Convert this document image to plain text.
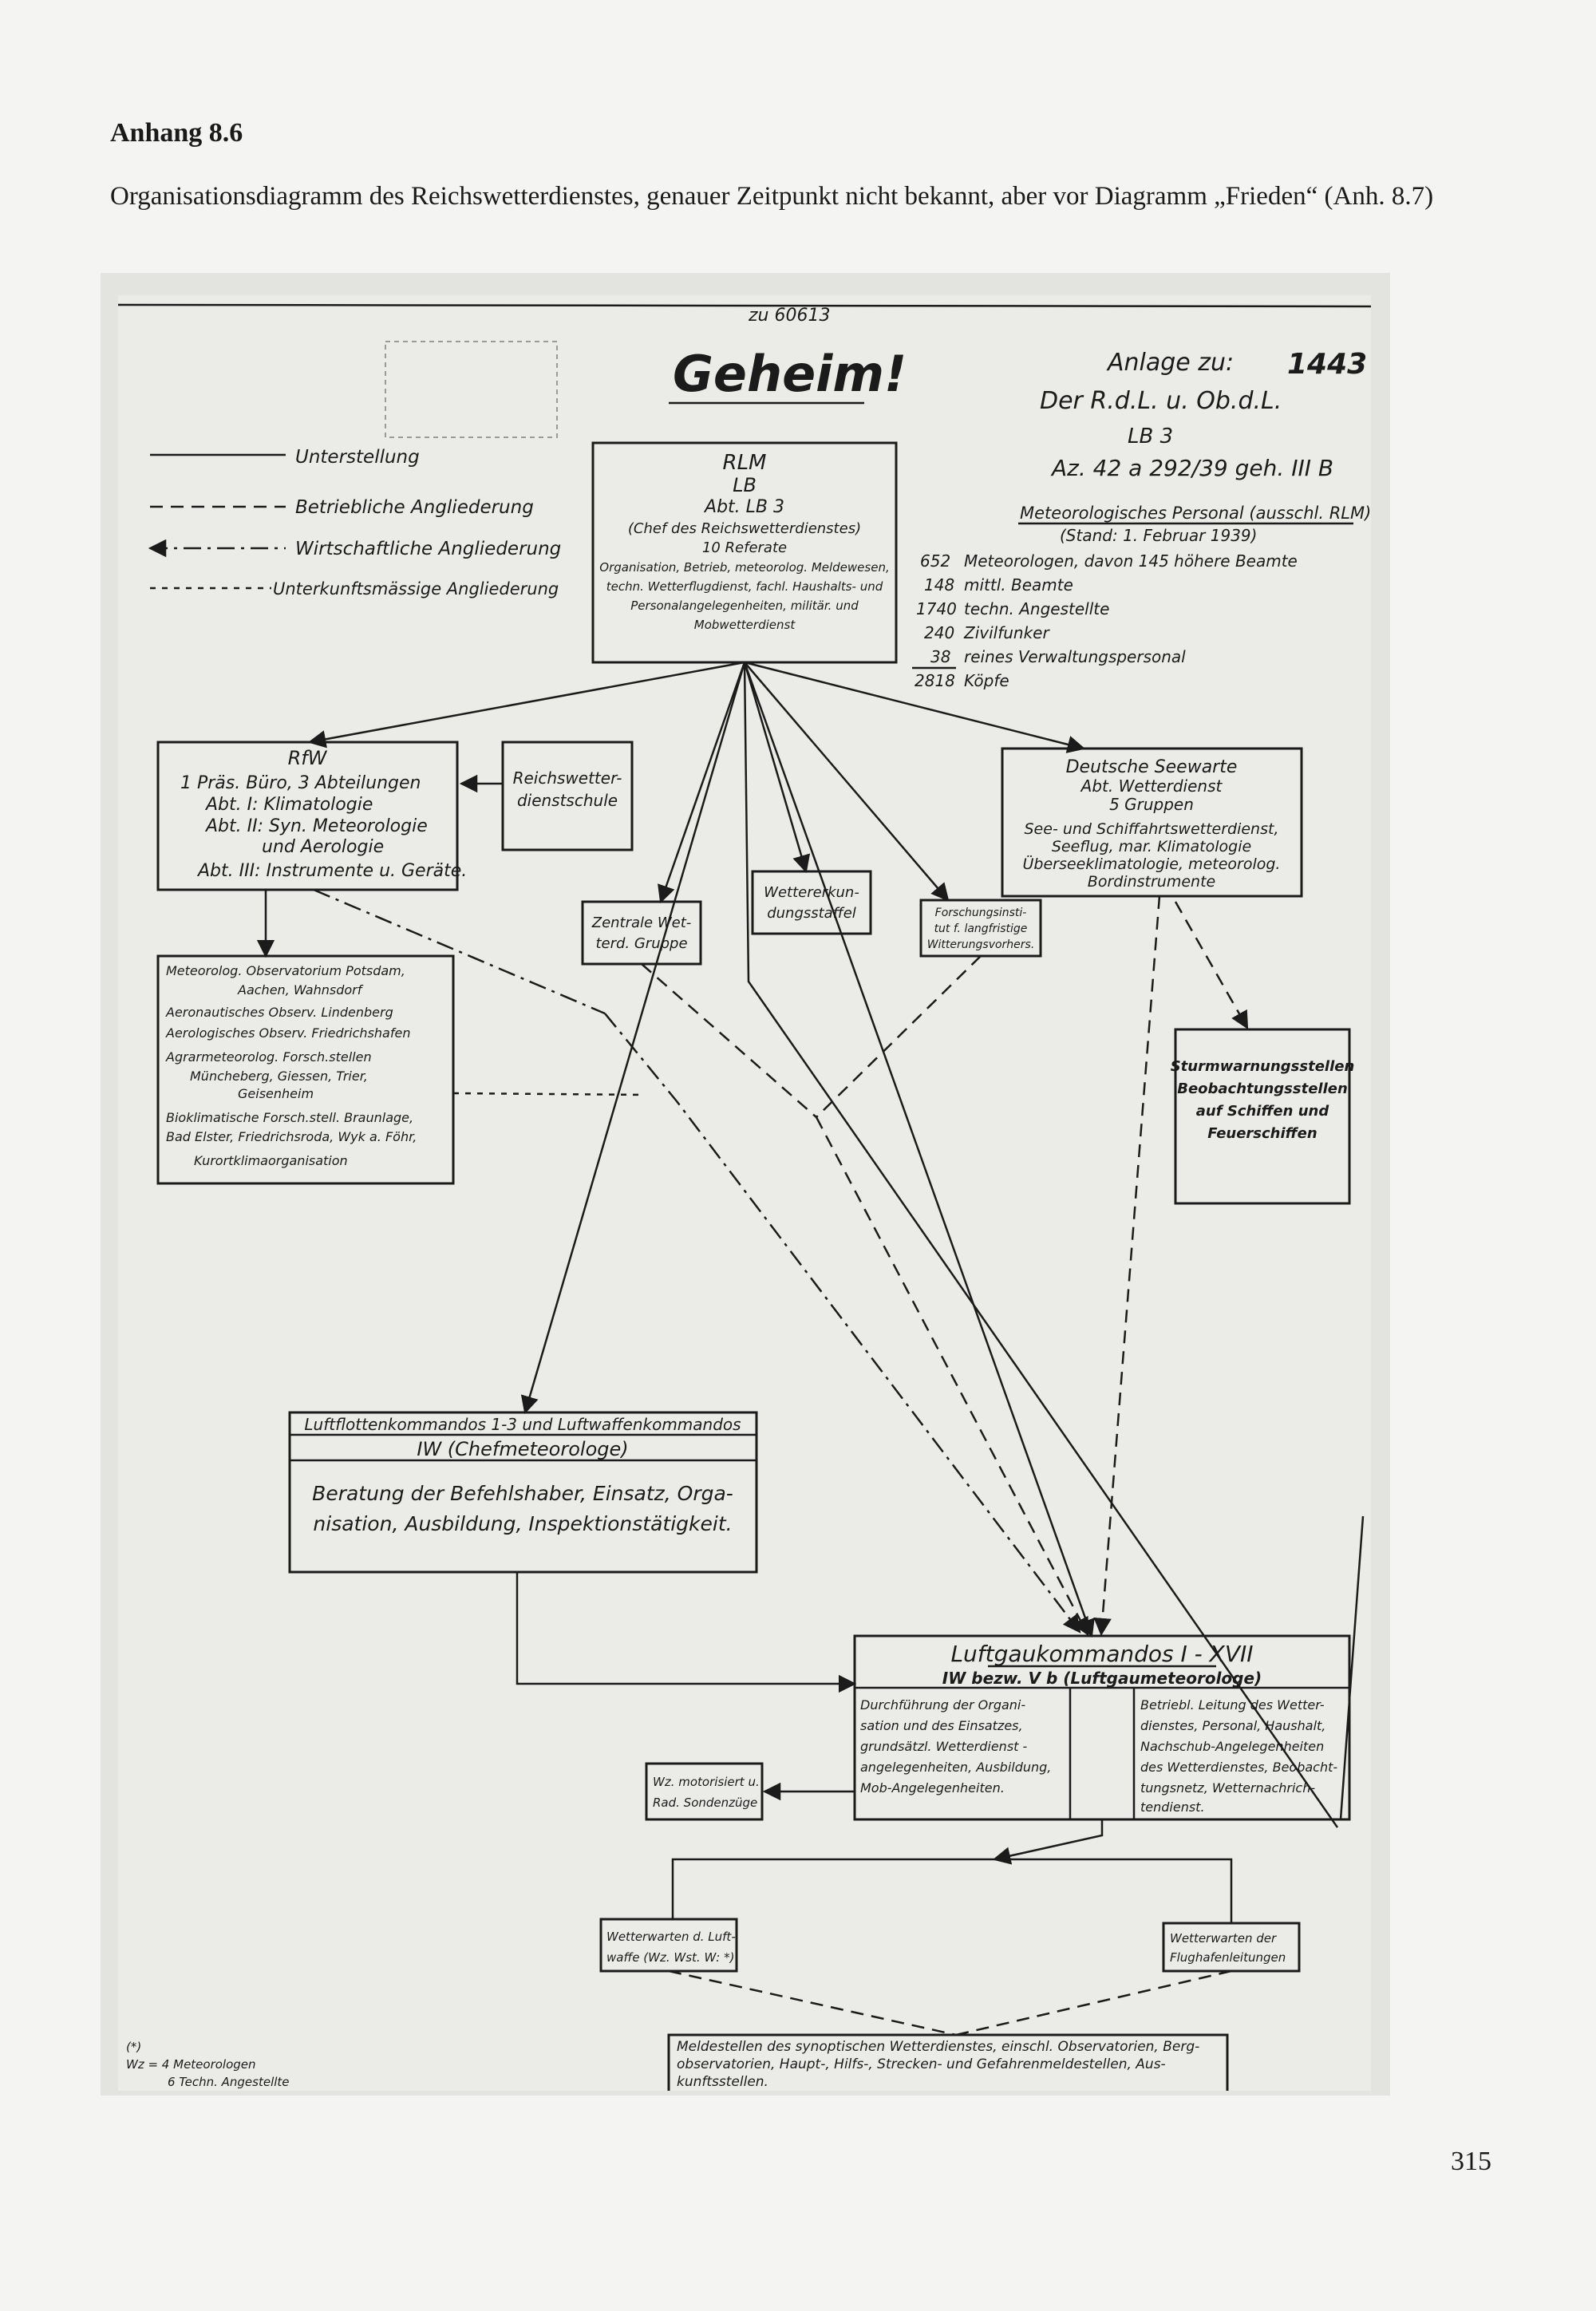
Anhang 8.6
Organisationsdiagramm des Reichswetterdienstes, genauer Zeitpunkt nicht bekannt, aber vor Diagramm „Frieden“ (Anh. 8.7)
zu 60613
Geheim!	1443
Anlage zu:
Der R.d.L. u. Ob.d.L.
LB 3
Az. 42 a 292/39 geh. III B
Unterstellung
Betriebliche Angliederung
Wirtschaftliche Angliederung
Unterkunftsmässige Angliederung
Meteorologisches Personal (ausschl. RLM)
(Stand: 1. Februar 1939)
652 Meteorologen, davon 145 höhere Beamte
148 mittl. Beamte
1740 techn. Angestellte
240 Zivilfunker
38 reines Verwaltungspersonal
2818 Köpfe
RLM
LB
Abt. LB 3
(Chef des Reichswetterdienstes)
10 Referate
Organisation, Betrieb, meteorolog. Meldewesen,
techn. Wetterflugdienst, fachl. Haushalts- und
Personalangelegenheiten, militär. und
Mobwetterdienst
RfW
1 Präs. Büro, 3 Abteilungen
Abt. I: Klimatologie
Abt. II: Syn. Meteorologie
und Aerologie
Abt. III: Instrumente u. Geräte.
Reichswetter-
dienstschule
Deutsche Seewarte
Abt. Wetterdienst
5 Gruppen
See- und Schiffahrtswetterdienst,
Seeflug, mar. Klimatologie
Überseeklimatologie, meteorolog.
Bordinstrumente
Zentrale Wet-
terd. Gruppe
Wettererkun-
dungsstaffel	Forschungsinsti-
tut f. langfristige
Witterungsvorhers.
Meteorolog. Observatorium Potsdam,
Aachen, Wahnsdorf
Aeronautisches Observ. Lindenberg
Aerologisches Observ. Friedrichshafen
Agrarmeteorolog. Forsch.stellen
Müncheberg, Giessen, Trier,
Geisenheim
Bioklimatische Forsch.stell. Braunlage,
Bad Elster, Friedrichsroda, Wyk a. Föhr,
Kurortklimaorganisation
Sturmwarnungsstellen
Beobachtungsstellen
auf Schiffen und
Feuerschiffen
Luftflottenkommandos 1-3 und Luftwaffenkommandos
IW (Chefmeteorologe)
Beratung der Befehlshaber, Einsatz, Orga-
nisation, Ausbildung, Inspektionstätigkeit.
Luftgaukommandos I - XVII
IW bezw. V b (Luftgaumeteorologe)
Durchführung der Organi-
sation und des Einsatzes,
grundsätzl. Wetterdienst -
angelegenheiten, Ausbildung,
Mob-Angelegenheiten.
Betriebl. Leitung des Wetter-
dienstes, Personal, Haushalt,
Nachschub-Angelegenheiten
des Wetterdienstes, Beobacht-
tungsnetz, Wetternachrich-
tendienst.
Wz. motorisiert u.
Rad. Sondenzüge
Wetterwarten d. Luft-
waffe (Wz. Wst. W: *)
Wetterwarten der
Flughafenleitungen
Meldestellen des synoptischen Wetterdienstes, einschl. Observatorien, Berg-
observatorien, Haupt-, Hilfs-, Strecken- und Gefahrenmeldestellen, Aus-
kunftsstellen.
(*)
Wz = 4 Meteorologen
6 Techn. Angestellte
315
